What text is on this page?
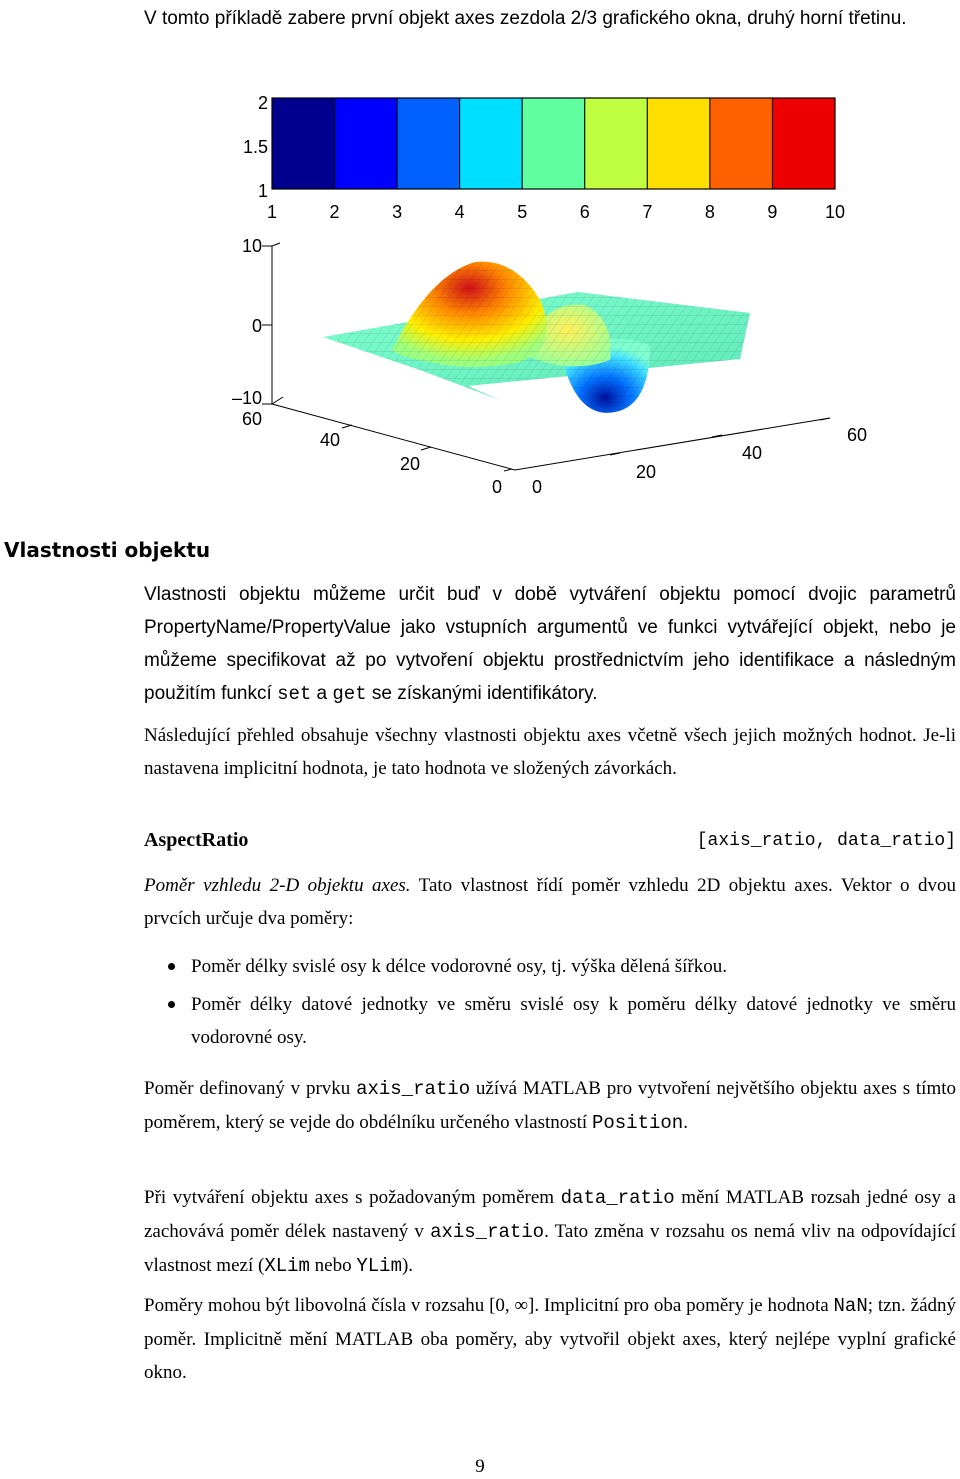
V tomto příkladě zabere první objekt axes zezdola 2/3 grafického okna, druhý horní třetinu.
2
1.5
1
1	2	3	4	5	6	7	8	9	10
10
0
–10
60
40
20
0 0
20
40
60
Vlastnosti objektu
Vlastnosti objektu můžeme určit buď v době vytváření objektu pomocí dvojic parametrů PropertyName/PropertyValue jako vstupních argumentů ve funkci vytvářející objekt, nebo je můžeme specifikovat až po vytvoření objektu prostřednictvím jeho identifikace a následným použitím funkcí set a get se získanými identifikátory.
Následující přehled obsahuje všechny vlastnosti objektu axes včetně všech jejich možných hodnot. Je-li nastavena implicitní hodnota, je tato hodnota ve složených závorkách.
AspectRatio	[axis_ratio, data_ratio]
Poměr vzhledu 2-D objektu axes. Tato vlastnost řídí poměr vzhledu 2D objektu axes. Vektor o dvou prvcích určuje dva poměry:
Poměr délky svislé osy k délce vodorovné osy, tj. výška dělená šířkou.
Poměr délky datové jednotky ve směru svislé osy k poměru délky datové jednotky ve směru vodorovné osy.
Poměr definovaný v prvku axis_ratio užívá MATLAB pro vytvoření největšího objektu axes s tímto poměrem, který se vejde do obdélníku určeného vlastností Position.
Při vytváření objektu axes s požadovaným poměrem data_ratio mění MATLAB rozsah jedné osy a zachovává poměr délek nastavený v axis_ratio. Tato změna v rozsahu os nemá vliv na odpovídající vlastnost mezí (XLim nebo YLim).
Poměry mohou být libovolná čísla v rozsahu [0, ∞]. Implicitní pro oba poměry je hodnota NaN; tzn. žádný poměr. Implicitně mění MATLAB oba poměry, aby vytvořil objekt axes, který nejlépe vyplní grafické okno.
9
